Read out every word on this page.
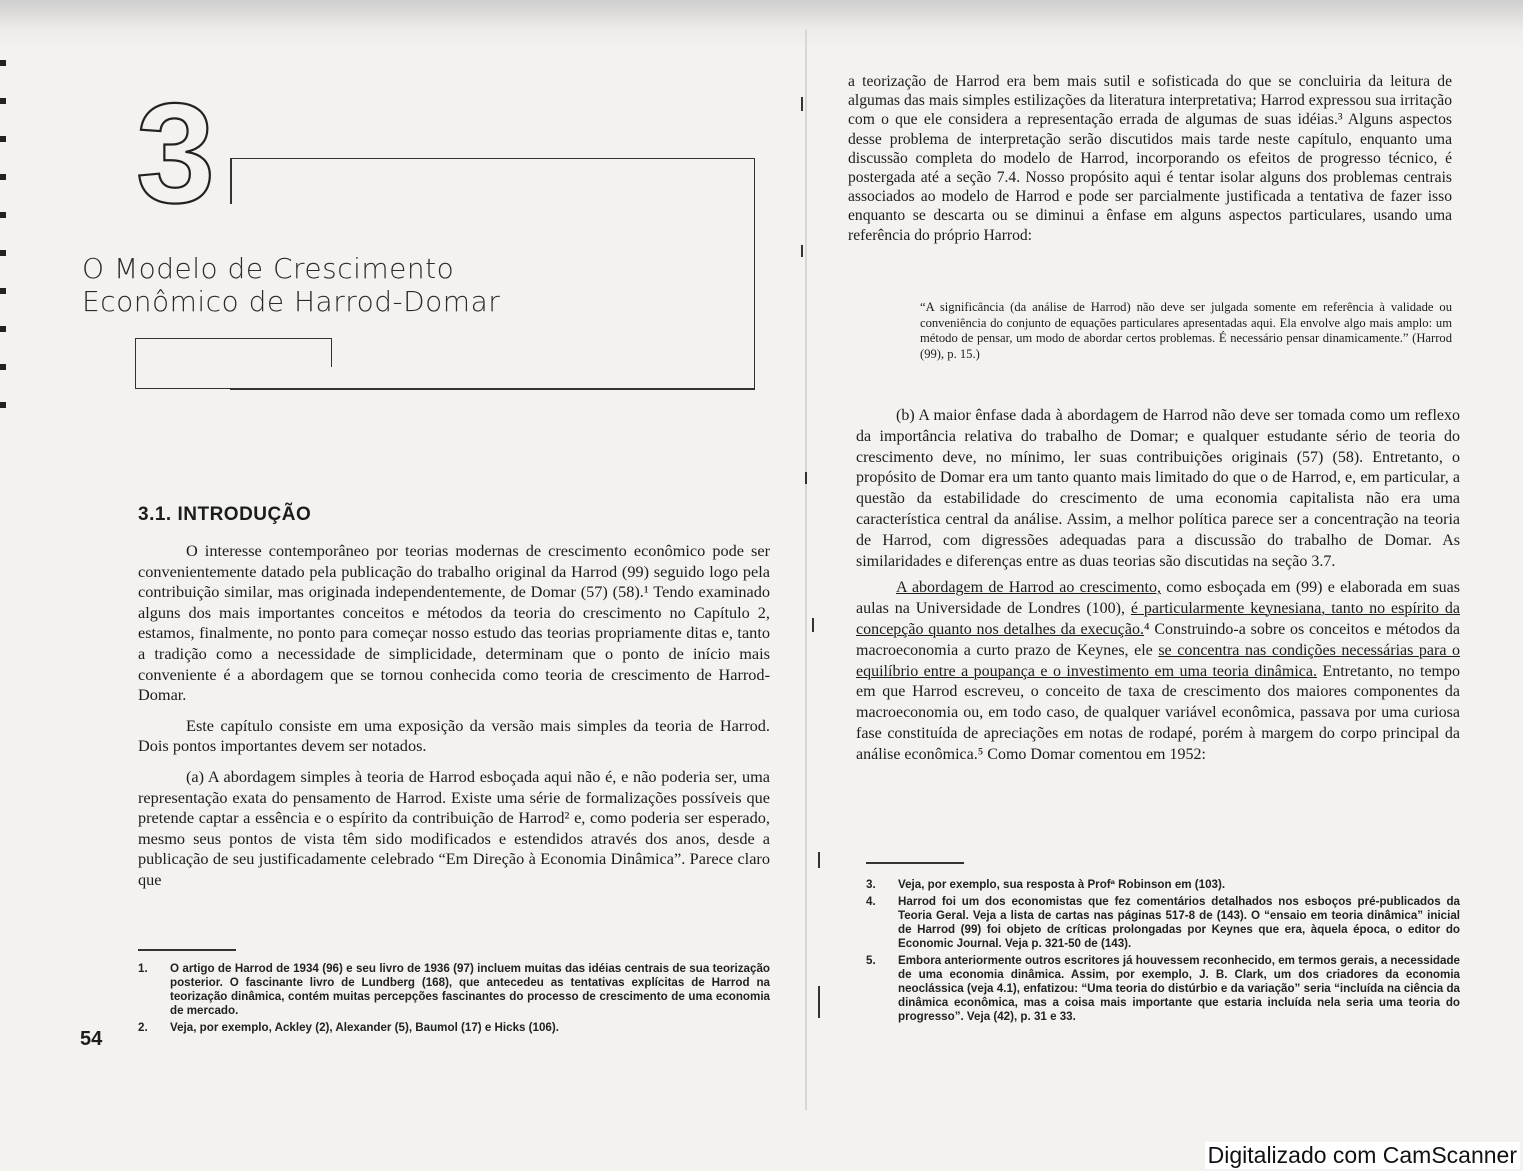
3
O Modelo de Crescimento
Econômico de Harrod-Domar
3.1. INTRODUÇÃO

O interesse contemporâneo por teorias modernas de crescimento econômico pode ser convenientemente datado pela publicação do trabalho original da Harrod (99) seguido logo pela contribuição similar, mas originada independentemente, de Domar (57) (58).¹ Tendo examinado alguns dos mais importantes conceitos e métodos da teoria do crescimento no Capítulo 2, estamos, finalmente, no ponto para começar nosso estudo das teorias propriamente ditas e, tanto a tradição como a necessidade de simplicidade, determinam que o ponto de início mais conveniente é a abordagem que se tornou conhecida como teoria de crescimento de Harrod-Domar.

Este capítulo consiste em uma exposição da versão mais simples da teoria de Harrod. Dois pontos importantes devem ser notados.

(a) A abordagem simples à teoria de Harrod esboçada aqui não é, e não poderia ser, uma representação exata do pensamento de Harrod. Existe uma série de formalizações possíveis que pretende captar a essência e o espírito da contribuição de Harrod² e, como poderia ser esperado, mesmo seus pontos de vista têm sido modificados e estendidos através dos anos, desde a publicação de seu justificadamente celebrado “Em Direção à Economia Dinâmica”. Parece claro que

1.	O artigo de Harrod de 1934 (96) e seu livro de 1936 (97) incluem muitas das idéias centrais de sua teorização posterior. O fascinante livro de Lundberg (168), que antecedeu as tentativas explícitas de Harrod na teorização dinâmica, contém muitas percepções fascinantes do processo de crescimento de uma economia de mercado.
2.	Veja, por exemplo, Ackley (2), Alexander (5), Baumol (17) e Hicks (106).
54

a teorização de Harrod era bem mais sutil e sofisticada do que se concluiria da leitura de algumas das mais simples estilizações da literatura interpretativa; Harrod expressou sua irritação com o que ele considera a representação errada de algumas de suas idéias.³ Alguns aspectos desse problema de interpretação serão discutidos mais tarde neste capítulo, enquanto uma discussão completa do modelo de Harrod, incorporando os efeitos de progresso técnico, é postergada até a seção 7.4. Nosso propósito aqui é tentar isolar alguns dos problemas centrais associados ao modelo de Harrod e pode ser parcialmente justificada a tentativa de fazer isso enquanto se descarta ou se diminui a ênfase em alguns aspectos particulares, usando uma referência do próprio Harrod:

“A significância (da análise de Harrod) não deve ser julgada somente em referência à validade ou conveniência do conjunto de equações particulares apresentadas aqui. Ela envolve algo mais amplo: um método de pensar, um modo de abordar certos problemas. É necessário pensar dinamicamente.” (Harrod (99), p. 15.)

(b) A maior ênfase dada à abordagem de Harrod não deve ser tomada como um reflexo da importância relativa do trabalho de Domar; e qualquer estudante sério de teoria do crescimento deve, no mínimo, ler suas contribuições originais (57) (58). Entretanto, o propósito de Domar era um tanto quanto mais limitado do que o de Harrod, e, em particular, a questão da estabilidade do crescimento de uma economia capitalista não era uma característica central da análise. Assim, a melhor política parece ser a concentração na teoria de Harrod, com digressões adequadas para a discussão do trabalho de Domar. As similaridades e diferenças entre as duas teorias são discutidas na seção 3.7.

A abordagem de Harrod ao crescimento, como esboçada em (99) e elaborada em suas aulas na Universidade de Londres (100), é particularmente keynesiana, tanto no espírito da concepção quanto nos detalhes da execução.⁴ Construindo-a sobre os conceitos e métodos da macroeconomia a curto prazo de Keynes, ele se concentra nas condições necessárias para o equilíbrio entre a poupança e o investimento em uma teoria dinâmica. Entretanto, no tempo em que Harrod escreveu, o conceito de taxa de crescimento dos maiores componentes da macroeconomia ou, em todo caso, de qualquer variável econômica, passava por uma curiosa fase constituída de apreciações em notas de rodapé, porém à margem do corpo principal da análise econômica.⁵ Como Domar comentou em 1952:

3.	Veja, por exemplo, sua resposta à Profª Robinson em (103).
4.	Harrod foi um dos economistas que fez comentários detalhados nos esboços pré-publicados da Teoria Geral. Veja a lista de cartas nas páginas 517-8 de (143). O “ensaio em teoria dinâmica” inicial de Harrod (99) foi objeto de críticas prolongadas por Keynes que era, àquela época, o editor do Economic Journal. Veja p. 321-50 de (143).
5.	Embora anteriormente outros escritores já houvessem reconhecido, em termos gerais, a necessidade de uma economia dinâmica. Assim, por exemplo, J. B. Clark, um dos criadores da economia neoclássica (veja 4.1), enfatizou: “Uma teoria do distúrbio e da variação” seria “incluída na ciência da dinâmica econômica, mas a coisa mais importante que estaria incluída nela seria uma teoria do progresso”. Veja (42), p. 31 e 33.
Digitalizado com CamScanner
